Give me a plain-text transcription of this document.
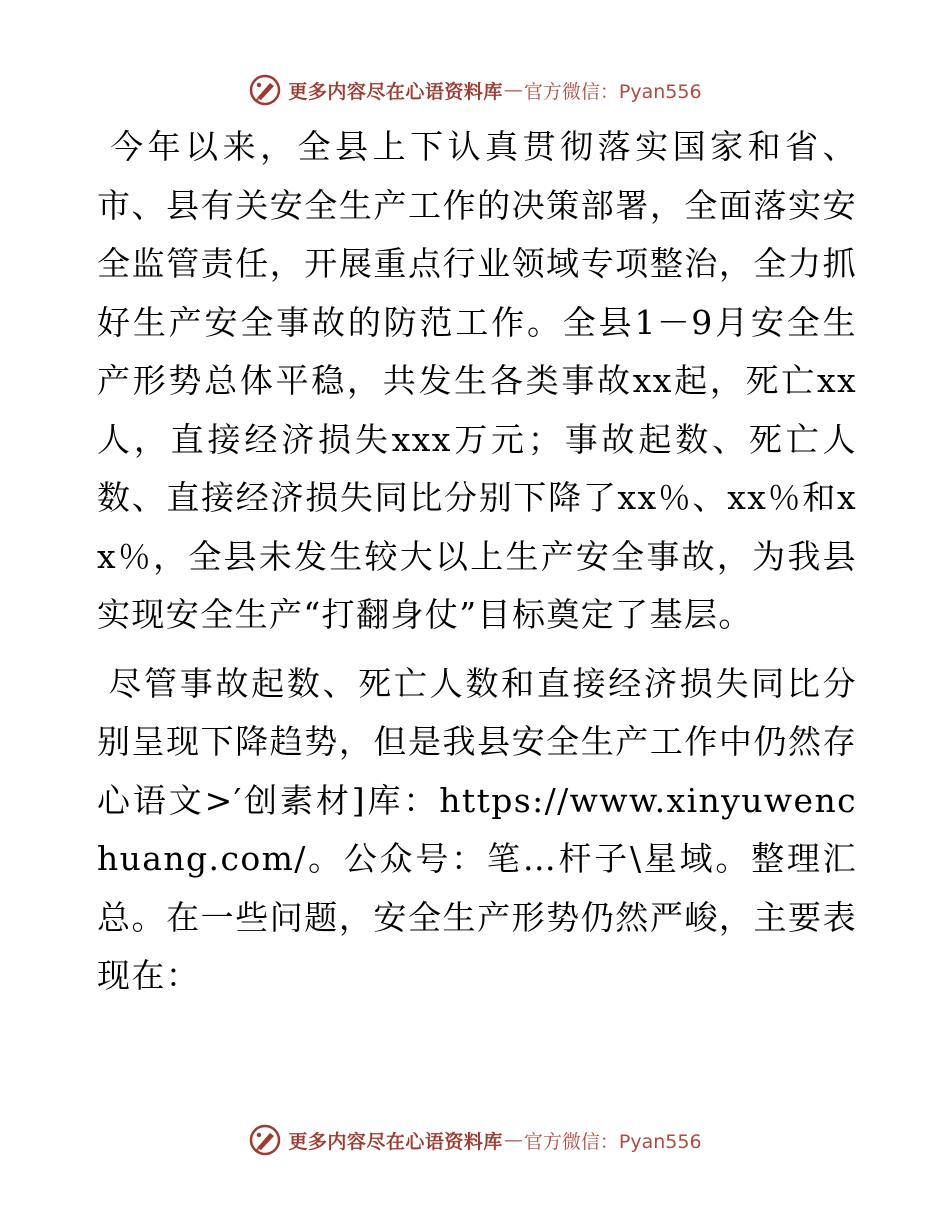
更多内容尽在心语资料库 — 官方微信：Pyan556

今年以来，全县上下认真贯彻落实国家和省、市、县有关安全生产工作的决策部署，全面落实安全监管责任，开展重点行业领域专项整治，全力抓好生产安全事故的防范工作。全县1－9月安全生产形势总体平稳，共发生各类事故xx起，死亡xx人，直接经济损失xxx万元；事故起数、死亡人数、直接经济损失同比分别下降了xx％、xx％和xx％，全县未发生较大以上生产安全事故，为我县实现安全生产“打翻身仗”目标奠定了基层。

尽管事故起数、死亡人数和直接经济损失同比分别呈现下降趋势，但是我县安全生产工作中仍然存心语文>′创素材]库：https://www.xinyuwenchuang.com/。公众号：笔…杆子\星域。整理汇总。在一些问题，安全生产形势仍然严峻，主要表现在：

更多内容尽在心语资料库 — 官方微信：Pyan556
